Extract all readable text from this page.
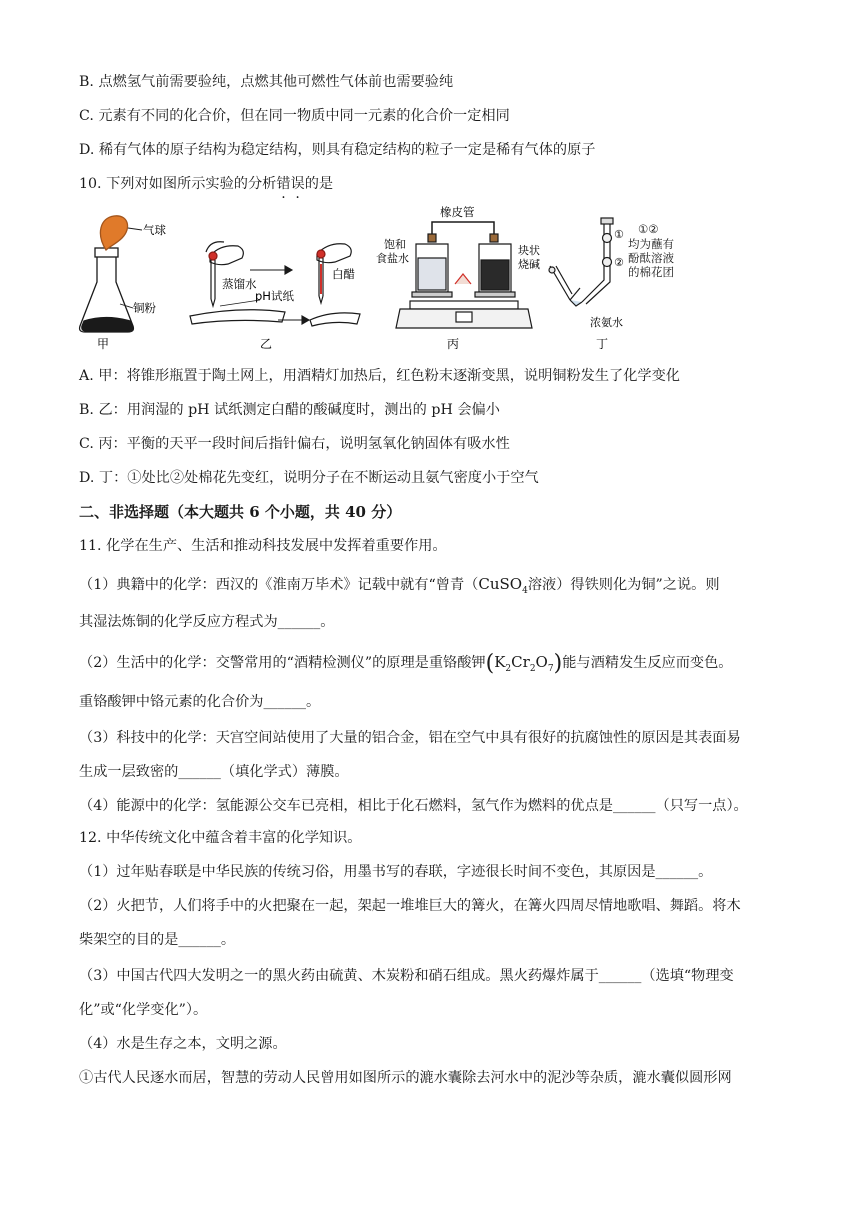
B. 点燃氢气前需要验纯，点燃其他可燃性气体前也需要验纯
C. 元素有不同的化合价，但在同一物质中同一元素的化合价一定相同
D. 稀有气体的原子结构为稳定结构，则具有稳定结构的粒子一定是稀有气体的原子
10. 下列对如图所示实验的分析错误的是
气球
铜粉
甲
蒸馏水
pH试纸
白醋
乙
橡皮管
饱和
食盐水
块状
烧碱
丙
①
②
浓氨水
丁
①②
均为蘸有
酚酞溶液
的棉花团
A. 甲：将锥形瓶置于陶土网上，用酒精灯加热后，红色粉末逐渐变黑，说明铜粉发生了化学变化
B. 乙：用润湿的 pH 试纸测定白醋的酸碱度时，测出的 pH 会偏小
C. 丙：平衡的天平一段时间后指针偏右，说明氢氧化钠固体有吸水性
D. 丁：①处比②处棉花先变红，说明分子在不断运动且氨气密度小于空气
二、非选择题（本大题共 6 个小题，共 40 分）
11. 化学在生产、生活和推动科技发展中发挥着重要作用。
（1）典籍中的化学：西汉的《淮南万毕术》记载中就有“曾青（CuSO$_4$溶液）得铁则化为铜”之说。则
其湿法炼铜的化学反应方程式为______。
（2）生活中的化学：交警常用的“酒精检测仪”的原理是重铬酸钾$(K_2Cr_2O_7)$能与酒精发生反应而变色。
重铬酸钾中铬元素的化合价为______。
（3）科技中的化学：天宫空间站使用了大量的铝合金，铝在空气中具有很好的抗腐蚀性的原因是其表面易
生成一层致密的______（填化学式）薄膜。
（4）能源中的化学：氢能源公交车已亮相，相比于化石燃料，氢气作为燃料的优点是______（只写一点）。
12. 中华传统文化中蕴含着丰富的化学知识。
（1）过年贴春联是中华民族的传统习俗，用墨书写的春联，字迹很长时间不变色，其原因是______。
（2）火把节，人们将手中的火把聚在一起，架起一堆堆巨大的篝火，在篝火四周尽情地歌唱、舞蹈。将木
柴架空的目的是______。
（3）中国古代四大发明之一的黑火药由硫黄、木炭粉和硝石组成。黑火药爆炸属于______（选填“物理变
化”或“化学变化”）。
（4）水是生存之本，文明之源。
①古代人民逐水而居，智慧的劳动人民曾用如图所示的漉水囊除去河水中的泥沙等杂质，漉水囊似圆形网
